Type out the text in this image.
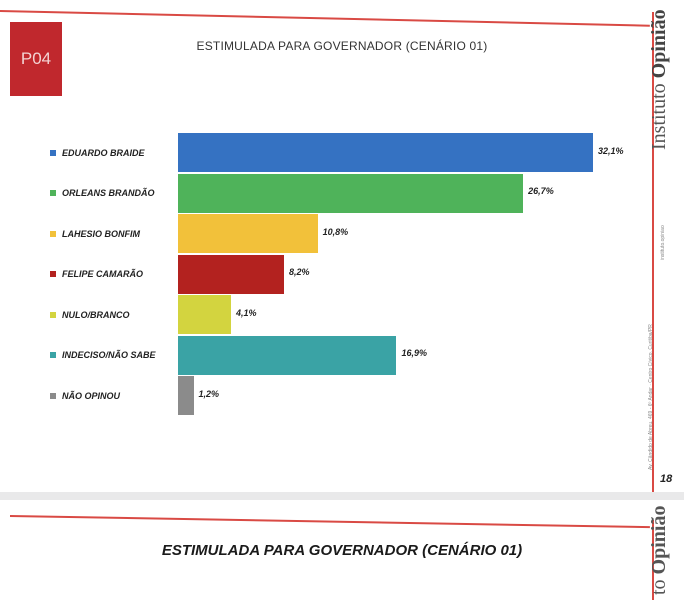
P04
ESTIMULADA PARA GOVERNADOR (CENÁRIO 01)
Instituto Opinião
instituto.opiniao
Av. Cândido de Abreu, 469 - 6º Andar · Centro Cívico, Curitiba/PR
18
EDUARDO BRAIDE	32,1%
ORLEANS BRANDÃO	26,7%
LAHESIO BONFIM	10,8%
FELIPE CAMARÃO	8,2%
NULO/BRANCO	4,1%
INDECISO/NÃO SABE	16,9%
NÃO OPINOU	1,2%
ESTIMULADA PARA GOVERNADOR (CENÁRIO 01)
to Opinião
